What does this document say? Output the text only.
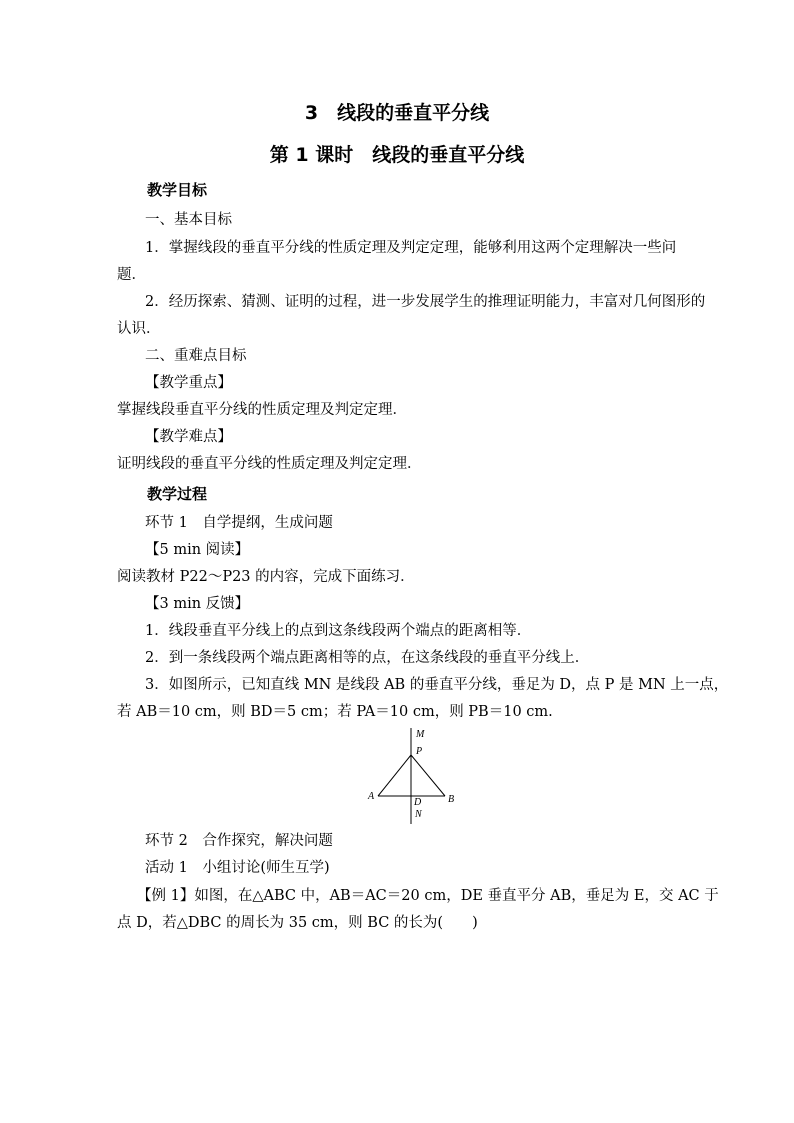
3　线段的垂直平分线
第 1 课时　线段的垂直平分线
教学目标
一、基本目标
1．掌握线段的垂直平分线的性质定理及判定定理，能够利用这两个定理解决一些问
题．
2．经历探索、猜测、证明的过程，进一步发展学生的推理证明能力，丰富对几何图形的
认识．
二、重难点目标
【教学重点】
掌握线段垂直平分线的性质定理及判定定理．
【教学难点】
证明线段的垂直平分线的性质定理及判定定理．
教学过程
环节 1　自学提纲，生成问题
【5 min 阅读】
阅读教材 P22～P23 的内容，完成下面练习．
【3 min 反馈】
1．线段垂直平分线上的点到这条线段两个端点的距离相等．
2．到一条线段两个端点距离相等的点，在这条线段的垂直平分线上．
3．如图所示，已知直线 MN 是线段 AB 的垂直平分线，垂足为 D，点 P 是 MN 上一点，
若 AB＝10 cm，则 BD＝5 cm；若 PA＝10 cm，则 PB＝10 cm.
M
P
A
D	B
N
环节 2　合作探究，解决问题
活动 1　小组讨论(师生互学)
【例 1】如图，在△ABC 中，AB＝AC＝20 cm，DE 垂直平分 AB，垂足为 E，交 AC 于
点 D，若△DBC 的周长为 35 cm，则 BC 的长为(　　)
